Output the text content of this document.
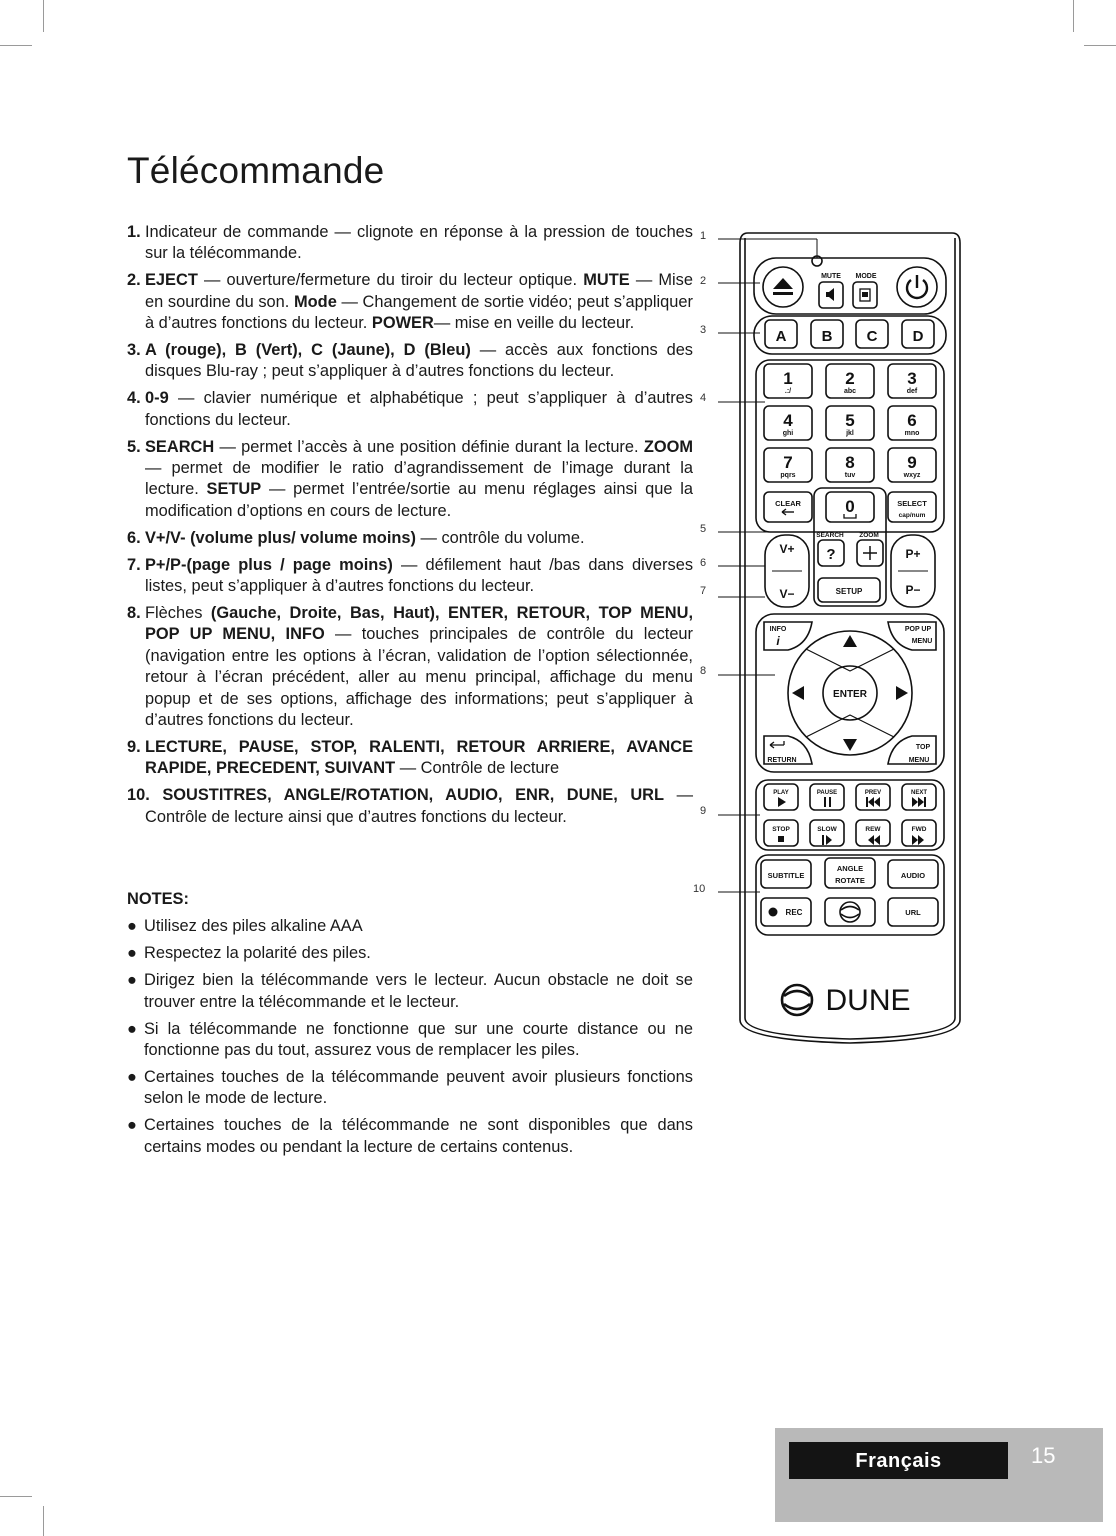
Télécommande
1. Indicateur de commande — clignote en réponse à la pression de touches sur la télécommande.
2. EJECT — ouverture/fermeture du tiroir du lecteur optique. MUTE — Mise en sourdine du son. Mode — Changement de sortie vidéo; peut s’appliquer à d’autres fonctions du lecteur. POWER— mise en veille du lecteur.
3. A (rouge), B (Vert), C (Jaune), D (Bleu) — accès aux fonctions des disques Blu-ray ; peut s’appliquer à d’autres fonctions du lecteur.
4. 0-9 — clavier numérique et alphabétique ; peut s’appliquer à d’autres fonctions du lecteur.
5. SEARCH — permet l’accès à une position définie durant la lecture. ZOOM — permet de modifier le ratio d’agrandissement de l’image durant la lecture. SETUP — permet l’entrée/sortie au menu réglages ainsi que la modification d’options en cours de lecture.
6. V+/V- (volume plus/ volume moins) — contrôle du volume.
7. P+/P-(page plus / page moins) — défilement haut /bas dans diverses listes, peut s’appliquer à d’autres fonctions du lecteur.
8. Flèches (Gauche, Droite, Bas, Haut), ENTER, RETOUR, TOP MENU, POP UP MENU, INFO — touches principales de contrôle du lecteur (navigation entre les options à l’écran, validation de l’option sélectionnée, retour à l’écran précédent, aller au menu principal, affichage du menu popup et de ses options, affichage des informations; peut s’appliquer à d’autres fonctions du lecteur.
9. LECTURE, PAUSE, STOP, RALENTI, RETOUR ARRIERE, AVANCE RAPIDE, PRECEDENT, SUIVANT — Contrôle de lecture
10. SOUSTITRES, ANGLE/ROTATION, AUDIO, ENR, DUNE, URL — Contrôle de lecture ainsi que d’autres fonctions du lecteur.
NOTES:
● Utilisez des piles alkaline AAA
● Respectez la polarité des piles.
● Dirigez bien la télécommande vers le lecteur. Aucun obstacle ne doit se trouver entre la télécommande et le lecteur.
● Si la télécommande ne fonctionne que sur une courte distance ou ne fonctionne pas du tout, assurez vous de remplacer les piles.
● Certaines touches de la télécommande peuvent avoir plusieurs fonctions selon le mode de lecture.
● Certaines touches de la télécommande ne sont disponibles que dans certains modes ou pendant la lecture de certains contenus.
1
2
3
4
5
6
7
8
9
10
MUTE MODE
A B C D
1	2	3
4	5	6
7	8	9
.:/	abc	def
ghi	jkl	mno
pqrs	tuv	wxyz
CLEAR	0	SELECT
cap/num
SEARCH ZOOM
?
SETUP
V+
V−
P+
P−
INFO
i
POP UP
MENU
ENTER
RETURN
TOP
MENU
PLAY	PAUSE	PREV	NEXT
STOP	SLOW	REW	FWD
SUBTITLE
ANGLE
ROTATE
AUDIO
REC	URL
DUNE
Français	15
